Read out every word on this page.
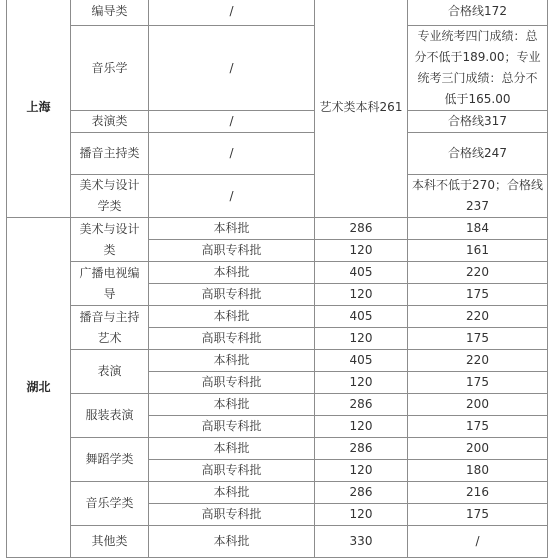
上海	编导类	/	艺术类本科261	合格线172
	音乐学	/		专业统考四门成绩：总分不低于189.00；专业统考三门成绩：总分不低于165.00
	表演类	/		合格线317
	播音主持类	/		合格线247
	美术与设计学类	/		本科不低于270；合格线237
湖北	美术与设计类	本科批	286	184
		高职专科批	120	161
	广播电视编导	本科批	405	220
		高职专科批	120	175
	播音与主持艺术	本科批	405	220
		高职专科批	120	175
	表演	本科批	405	220
		高职专科批	120	175
	服装表演	本科批	286	200
		高职专科批	120	175
	舞蹈学类	本科批	286	200
		高职专科批	120	180
	音乐学类	本科批	286	216
		高职专科批	120	175
	其他类	本科批	330	/
